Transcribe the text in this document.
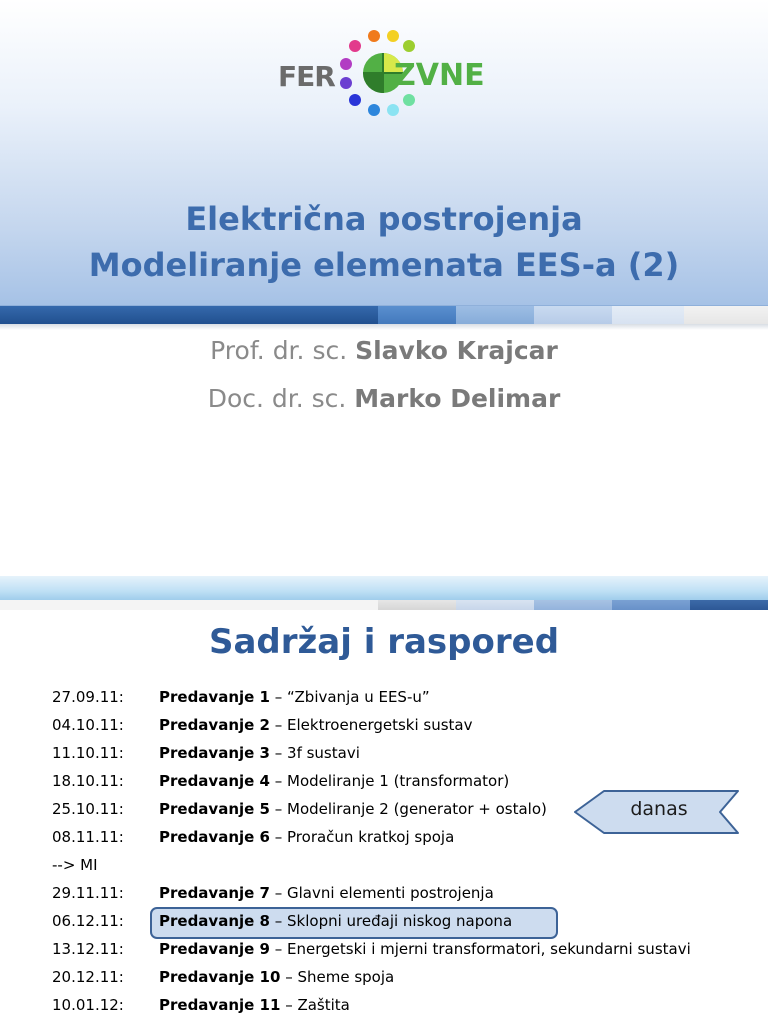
FER ZVNE
Električna postrojenja
Modeliranje elemenata EES-a (2)
Prof. dr. sc. Slavko Krajcar
Doc. dr. sc. Marko Delimar
Sadržaj i raspored
27.09.11: Predavanje 1 – “Zbivanja u EES-u”
04.10.11: Predavanje 2 – Elektroenergetski sustav
11.10.11: Predavanje 3 – 3f sustavi
18.10.11: Predavanje 4 – Modeliranje 1 (transformator)
25.10.11: Predavanje 5 – Modeliranje 2 (generator + ostalo)
08.11.11: Predavanje 6 – Proračun kratkoj spoja
--> MI
29.11.11: Predavanje 7 – Glavni elementi postrojenja
06.12.11: Predavanje 8 – Sklopni uređaji niskog napona
13.12.11: Predavanje 9 – Energetski i mjerni transformatori, sekundarni sustavi
20.12.11: Predavanje 10 – Sheme spoja
10.01.12: Predavanje 11 – Zaštita
danas
